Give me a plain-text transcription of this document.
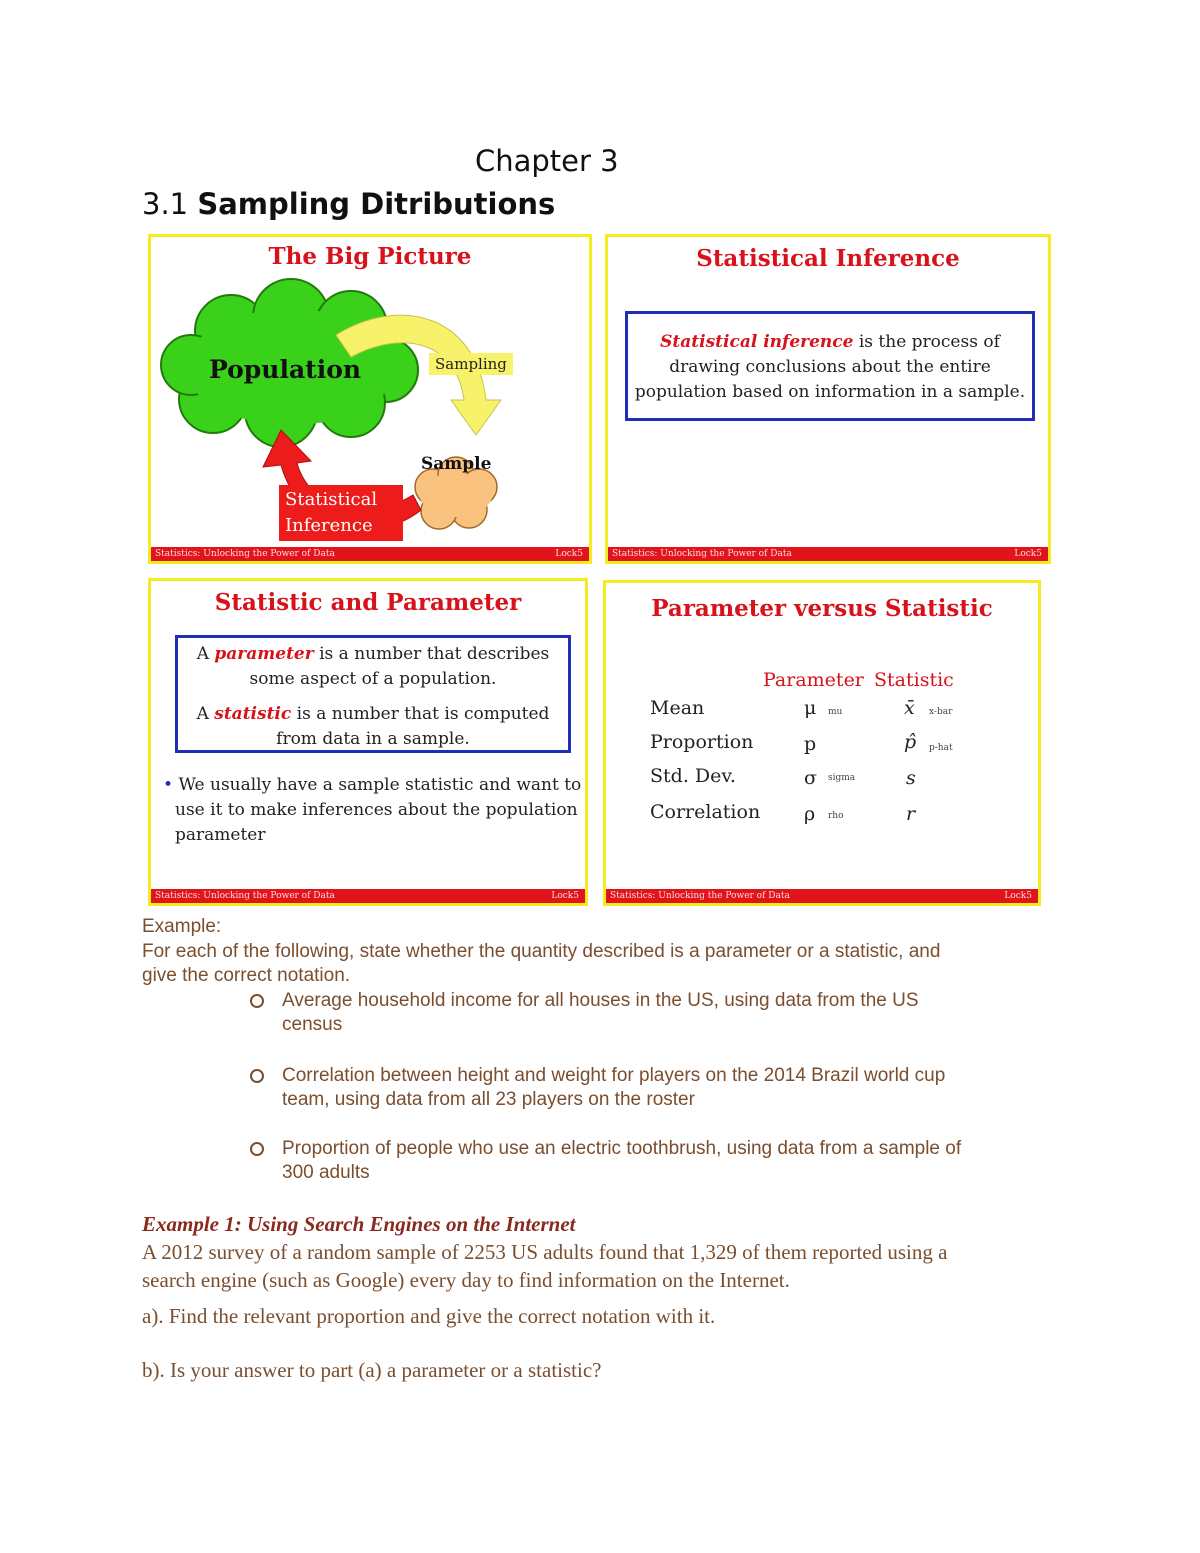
Chapter 3
3.1 Sampling Ditributions
The Big Picture
Population	Sampling
Sample
Statistical
Inference
Statistics: Unlocking the Power of Data	Lock5
Statistical Inference
Statistical inference is the process of
drawing conclusions about the entire
population based on information in a sample.
Statistics: Unlocking the Power of Data	Lock5
Statistic and Parameter
A parameter is a number that describes
some aspect of a population.
A statistic is a number that is computed
from data in a sample.
• We usually have a sample statistic and want to
use it to make inferences about the population
parameter
Statistics: Unlocking the Power of Data	Lock5
Parameter versus Statistic
Parameter Statistic
Mean	μ mu	x̄ x-bar
Proportion	p	p̂ p-hat
Std. Dev.	σ sigma	s
Correlation ρ rho	r
Statistics: Unlocking the Power of Data	Lock5
Example:
For each of the following, state whether the quantity described is a parameter or a statistic, and
give the correct notation.
Average household income for all houses in the US, using data from the US
census
Correlation between height and weight for players on the 2014 Brazil world cup
team, using data from all 23 players on the roster
Proportion of people who use an electric toothbrush, using data from a sample of
300 adults
Example 1: Using Search Engines on the Internet
A 2012 survey of a random sample of 2253 US adults found that 1,329 of them reported using a
search engine (such as Google) every day to find information on the Internet.
a). Find the relevant proportion and give the correct notation with it.
b). Is your answer to part (a) a parameter or a statistic?
